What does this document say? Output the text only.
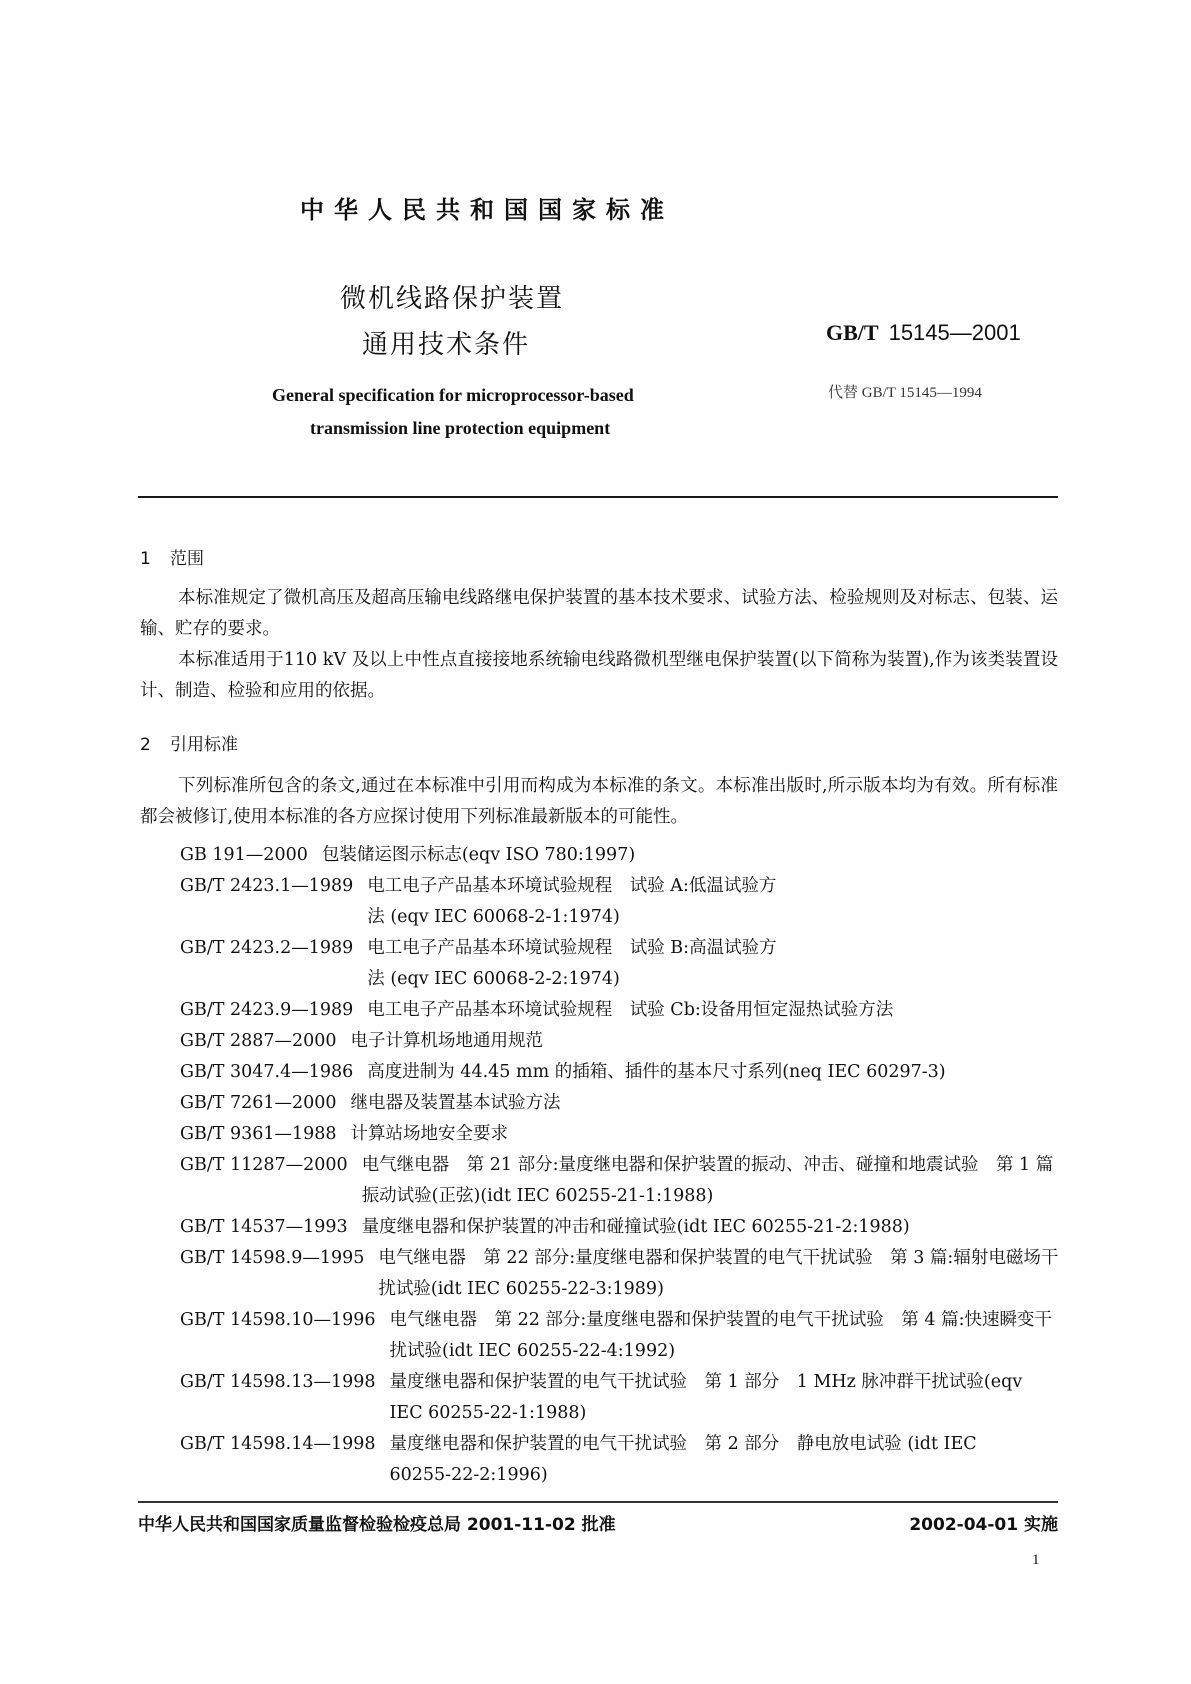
中华人民共和国国家标准
微机线路保护装置
通用技术条件	GB/T 15145—2001
代替 GB/T 15145—1994
General specification for microprocessor-based
transmission line protection equipment
1 范围
本标准规定了微机高压及超高压输电线路继电保护装置的基本技术要求、试验方法、检验规则及对标志、包装、运输、贮存的要求。
本标准适用于110 kV 及以上中性点直接接地系统输电线路微机型继电保护装置(以下简称为装置),作为该类装置设计、制造、检验和应用的依据。
2 引用标准
下列标准所包含的条文,通过在本标准中引用而构成为本标准的条文。本标准出版时,所示版本均为有效。所有标准都会被修订,使用本标准的各方应探讨使用下列标准最新版本的可能性。
GB 191—2000 包装储运图示标志(eqv ISO 780:1997)
GB/T 2423.1—1989 电工电子产品基本环境试验规程　试验 A:低温试验方法 (eqv IEC 60068-2-1:1974)
GB/T 2423.2—1989 电工电子产品基本环境试验规程　试验 B:高温试验方法 (eqv IEC 60068-2-2:1974)
GB/T 2423.9—1989 电工电子产品基本环境试验规程　试验 Cb:设备用恒定湿热试验方法
GB/T 2887—2000 电子计算机场地通用规范
GB/T 3047.4—1986 高度进制为 44.45 mm 的插箱、插件的基本尺寸系列(neq IEC 60297-3)
GB/T 7261—2000 继电器及装置基本试验方法
GB/T 9361—1988 计算站场地安全要求
GB/T 11287—2000 电气继电器　第 21 部分:量度继电器和保护装置的振动、冲击、碰撞和地震试验　第 1 篇　振动试验(正弦)(idt IEC 60255-21-1:1988)
GB/T 14537—1993 量度继电器和保护装置的冲击和碰撞试验(idt IEC 60255-21-2:1988)
GB/T 14598.9—1995 电气继电器　第 22 部分:量度继电器和保护装置的电气干扰试验　第 3 篇:辐射电磁场干扰试验(idt IEC 60255-22-3:1989)
GB/T 14598.10—1996 电气继电器　第 22 部分:量度继电器和保护装置的电气干扰试验　第 4 篇:快速瞬变干扰试验(idt IEC 60255-22-4:1992)
GB/T 14598.13—1998 量度继电器和保护装置的电气干扰试验　第 1 部分　1 MHz 脉冲群干扰试验(eqv IEC 60255-22-1:1988)
GB/T 14598.14—1998 量度继电器和保护装置的电气干扰试验　第 2 部分　静电放电试验 (idt IEC 60255-22-2:1996)
中华人民共和国国家质量监督检验检疫总局 2001-11-02 批准	2002-04-01 实施
1
